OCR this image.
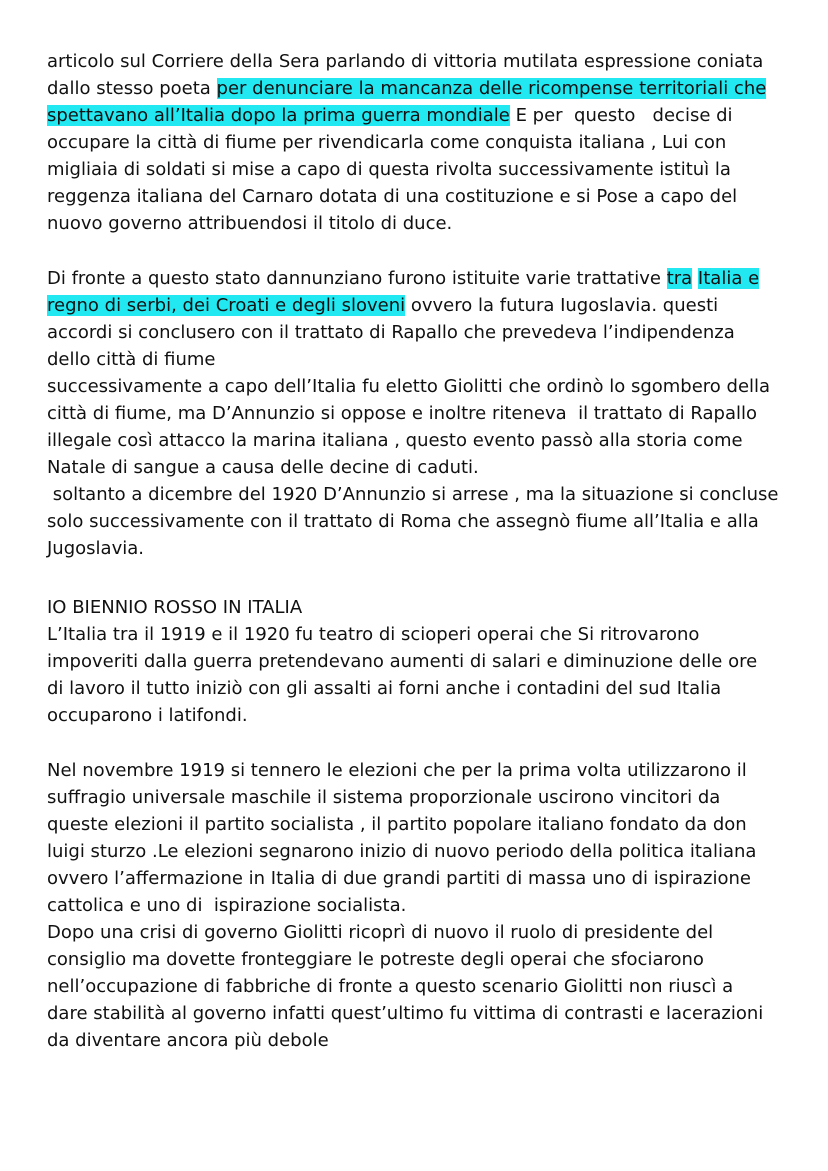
articolo sul Corriere della Sera parlando di vittoria mutilata espressione coniata
dallo stesso poeta per denunciare la mancanza delle ricompense territoriali che
spettavano all’Italia dopo la prima guerra mondiale E per  questo   decise di
occupare la città di fiume per rivendicarla come conquista italiana , Lui con
migliaia di soldati si mise a capo di questa rivolta successivamente istituì la
reggenza italiana del Carnaro dotata di una costituzione e si Pose a capo del
nuovo governo attribuendosi il titolo di duce.
Di fronte a questo stato dannunziano furono istituite varie trattative tra Italia e
regno di serbi, dei Croati e degli sloveni ovvero la futura Iugoslavia. questi
accordi si conclusero con il trattato di Rapallo che prevedeva l’indipendenza
dello città di fiume
successivamente a capo dell’Italia fu eletto Giolitti che ordinò lo sgombero della
città di fiume, ma D’Annunzio si oppose e inoltre riteneva  il trattato di Rapallo
illegale così attacco la marina italiana , questo evento passò alla storia come
Natale di sangue a causa delle decine di caduti.
soltanto a dicembre del 1920 D’Annunzio si arrese , ma la situazione si concluse
solo successivamente con il trattato di Roma che assegnò fiume all’Italia e alla
Jugoslavia.
IO BIENNIO ROSSO IN ITALIA
L’Italia tra il 1919 e il 1920 fu teatro di scioperi operai che Si ritrovarono
impoveriti dalla guerra pretendevano aumenti di salari e diminuzione delle ore
di lavoro il tutto iniziò con gli assalti ai forni anche i contadini del sud Italia
occuparono i latifondi.
Nel novembre 1919 si tennero le elezioni che per la prima volta utilizzarono il
suffragio universale maschile il sistema proporzionale uscirono vincitori da
queste elezioni il partito socialista , il partito popolare italiano fondato da don
luigi sturzo .Le elezioni segnarono inizio di nuovo periodo della politica italiana
ovvero l’affermazione in Italia di due grandi partiti di massa uno di ispirazione
cattolica e uno di  ispirazione socialista.
Dopo una crisi di governo Giolitti ricoprì di nuovo il ruolo di presidente del
consiglio ma dovette fronteggiare le potreste degli operai che sfociarono
nell’occupazione di fabbriche di fronte a questo scenario Giolitti non riuscì a
dare stabilità al governo infatti quest’ultimo fu vittima di contrasti e lacerazioni
da diventare ancora più debole
